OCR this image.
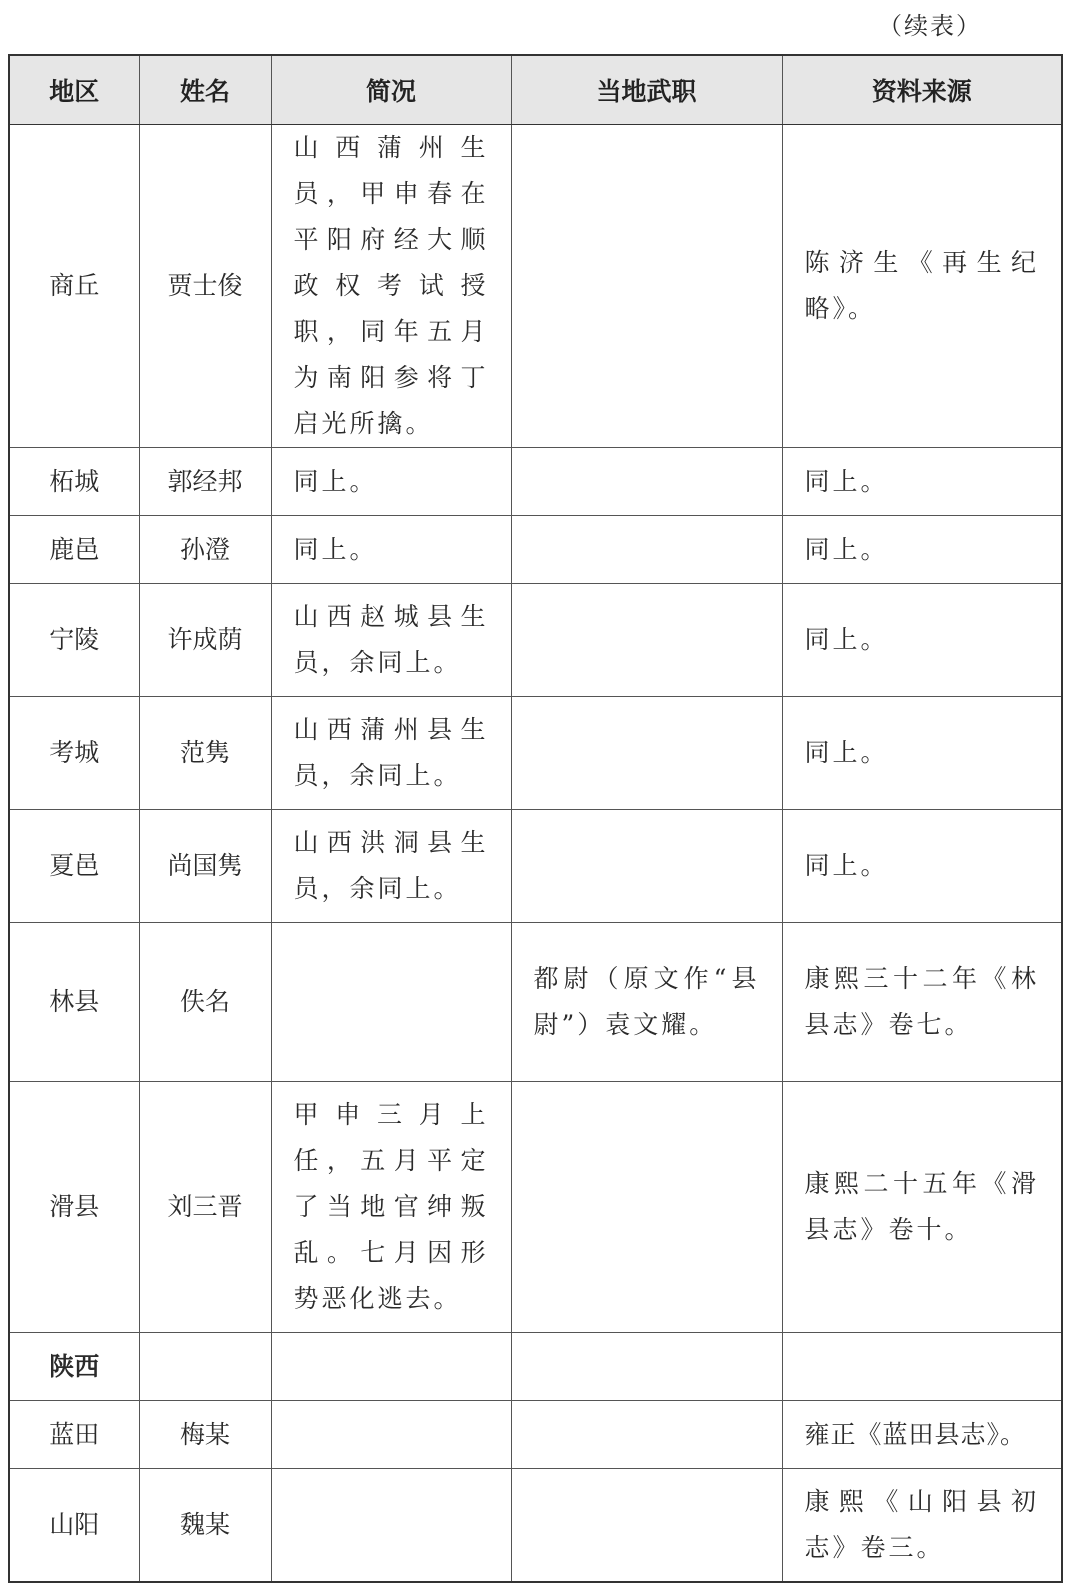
（续表）
地区	姓名	简况	当地武职	资料来源
商丘	贾士俊	山西蒲州生员，甲申春在平阳府经大顺政权考试授职，同年五月为南阳参将丁启光所擒。		陈济生《再生纪略》。
柘城	郭经邦	同上。		同上。
鹿邑	孙澄	同上。		同上。
宁陵	许成荫	山西赵城县生员，余同上。		同上。
考城	范隽	山西蒲州县生员，余同上。		同上。
夏邑	尚国隽	山西洪洞县生员，余同上。		同上。
林县	佚名		都尉（原文作“县尉”）袁文耀。	康熙三十二年《林县志》卷七。
滑县	刘三晋	甲申三月上任，五月平定了当地官绅叛乱。七月因形势恶化逃去。		康熙二十五年《滑县志》卷十。
陕西				
蓝田	梅某			雍正《蓝田县志》。
山阳	魏某			康熙《山阳县初志》卷三。
